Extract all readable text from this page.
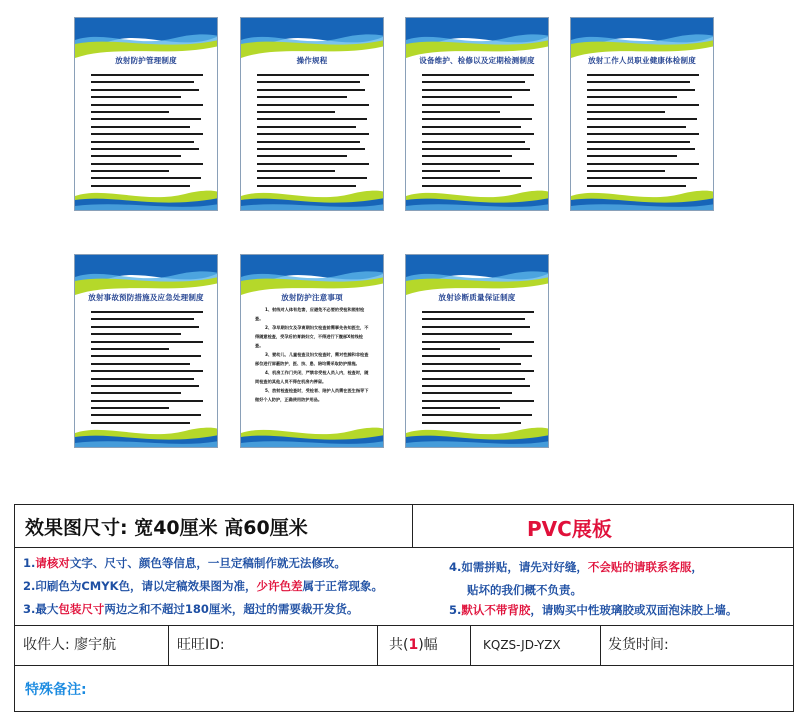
放射防护管理制度	操作规程	设备维护、检修以及定期检测制度	放射工作人员职业健康体检制度
放射事故预防措施及应急处理制度	放射防护注意事项

1、射线对人体有危害，应避免不必要的受检和照射检查。

2、孕早期妇女及孕育期妇女检查前需事先告知医生，不得随意检查，受孕后的育龄妇女，不得进行下腹部X射线检查。

3、婴幼儿、儿童检查及妇女检查时，需对性腺和非检查部位进行屏蔽防护，医、技、患、陪均需采取防护措施。

4、机房工作门关闭，严禁非受检人员入内，检查时，随同检查的其他人员不得在机房内停留。

5、放射检查检查时，受检者、陪护人员需在医生指导下做好个人防护，正确使用防护用品。

放射诊断质量保证制度
效果图尺寸: 宽40厘米 高60厘米	PVC展板
1.请核对文字、尺寸、颜色等信息，一旦定稿制作就无法修改。
2.印刷色为CMYK色，请以定稿效果图为准，少许色差属于正常现象。
3.最大包装尺寸两边之和不超过180厘米，超过的需要裁开发货。
4.如需拼贴，请先对好缝，不会贴的请联系客服，
贴坏的我们概不负责。
5.默认不带背胶，请购买中性玻璃胶或双面泡沫胶上墙。
收件人: 廖宇航	旺旺ID:	共(1)幅	KQZS-JD-YZX	发货时间:
特殊备注:
